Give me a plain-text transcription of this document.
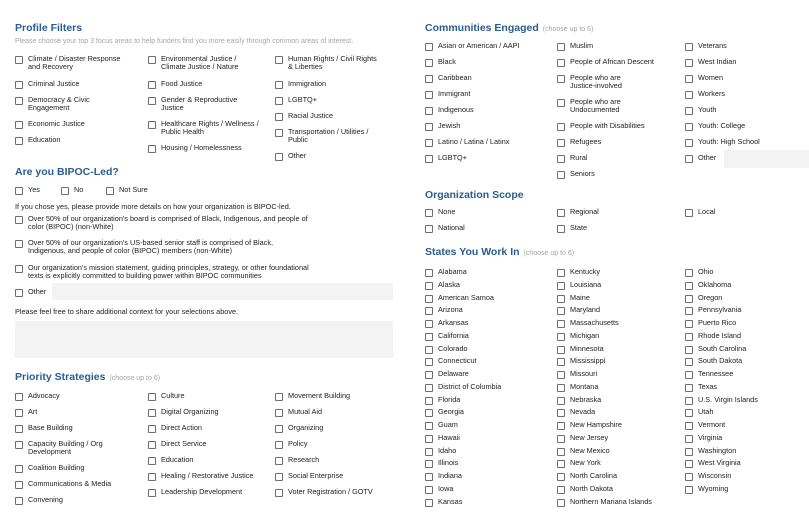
Profile Filters
Please choose your top 3 focus areas to help funders find you more easily through common areas of interest.
Climate / Disaster Response
and Recovery
Criminal Justice
Democracy & Civic
Engagement
Economic Justice
Education
Environmental Justice /
Climate Justice / Nature
Food Justice
Gender & Reproductive
Justice
Healthcare Rights / Wellness /
Public Health
Housing / Homelessness
Human Rights / Civil Rights
& Liberties
Immigration
LGBTQ+
Racial Justice
Transportation / Utilities /
Public
Other
Are you BIPOC-Led?
Yes	No	Not Sure
If you chose yes, please provide more details on how your organization is BIPOC-led.
Over 50% of our organization's board is comprised of Black, Indigenous, and people of
color (BIPOC) (non-White)
Over 50% of our organization's US-based senior staff is comprised of Black,
Indigenous, and people of color (BIPOC) members (non-White)
Our organization's mission statement, guiding principles, strategy, or other foundational
texts is explicitly committed to building power within BIPOC communities
Other
Please feel free to share additional context for your selections above.
Priority Strategies (choose up to 6)
Advocacy
Art
Base Building
Capacity Building / Org
Development
Coalition Building
Communications & Media
Convening
Culture
Digital Organizing
Direct Action
Direct Service
Education
Healing / Restorative Justice
Leadership Development
Movement Building
Mutual Aid
Organizing
Policy
Research
Social Enterprise
Voter Registration / GOTV
Communities Engaged (choose up to 6)
Asian or American / AAPI
Black
Caribbean
Immigrant
Indigenous
Jewish
Latino / Latina / Latinx
LGBTQ+
Muslim
People of African Descent
People who are
Justice-involved
People who are
Undocumented
People with Disabilities
Refugees
Rural
Seniors
Veterans
West Indian
Women
Workers
Youth
Youth: College
Youth: High School
Other
Organization Scope
None	Regional	Local
National	State
States You Work In (choose up to 6)
Alabama
Alaska
American Samoa
Arizona
Arkansas
California
Colorado
Connecticut
Delaware
District of Columbia
Florida
Georgia
Guam
Hawaii
Idaho
Illinois
Indiana
Iowa
Kansas
Kentucky
Louisiana
Maine
Maryland
Massachusetts
Michigan
Minnesota
Mississippi
Missouri
Montana
Nebraska
Nevada
New Hampshire
New Jersey
New Mexico
New York
North Carolina
North Dakota
Northern Mariana Islands
Ohio
Oklahoma
Oregon
Pennsylvania
Puerto Rico
Rhode Island
South Carolina
South Dakota
Tennessee
Texas
U.S. Virgin Islands
Utah
Vermont
Virginia
Washington
West Virginia
Wisconsin
Wyoming
